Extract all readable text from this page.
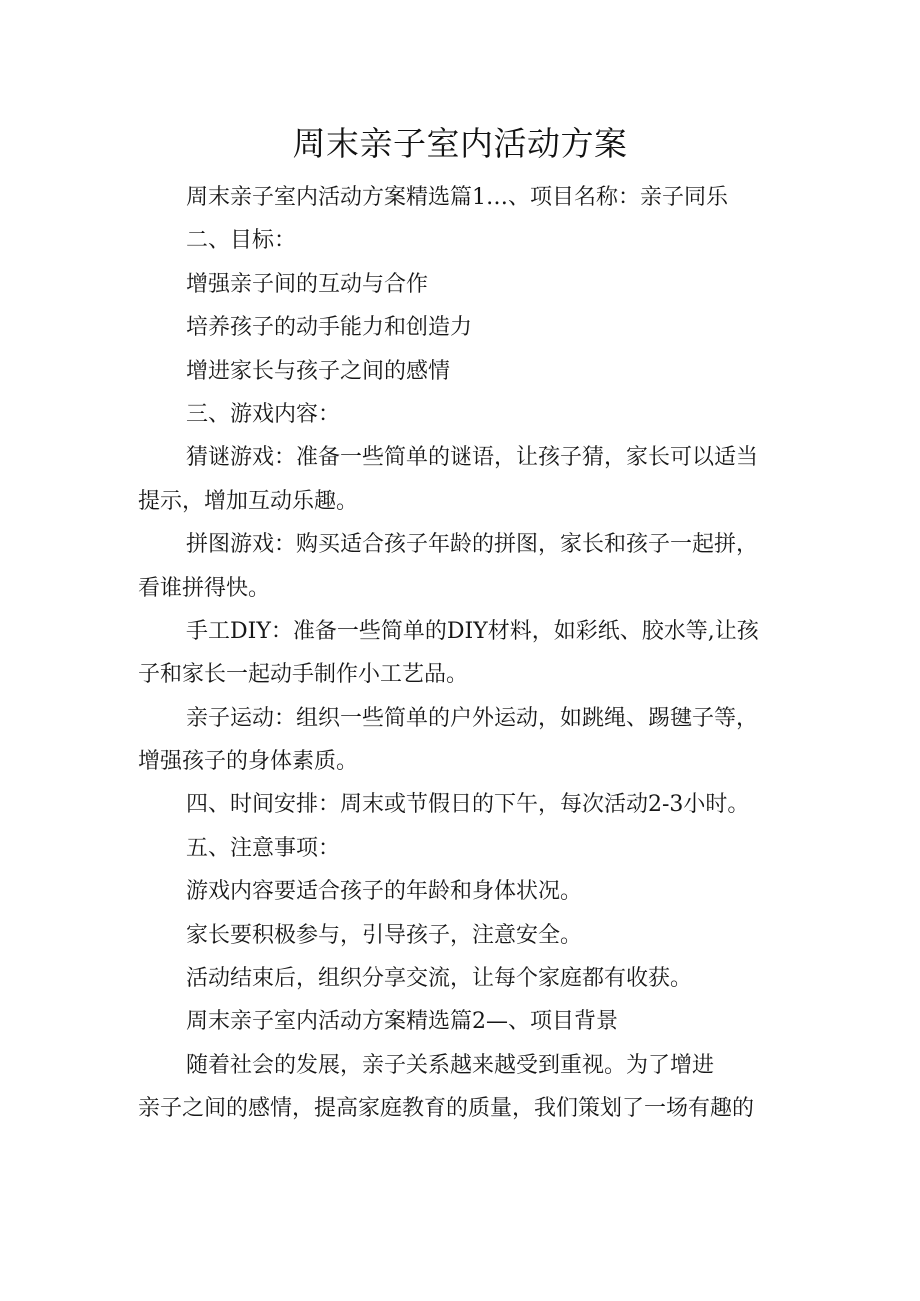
周末亲子室内活动方案
周末亲子室内活动方案精选篇1…、项目名称：亲子同乐
二、目标：
增强亲子间的互动与合作
培养孩子的动手能力和创造力
增进家长与孩子之间的感情
三、游戏内容：
猜谜游戏：准备一些简单的谜语，让孩子猜，家长可以适当
提示，增加互动乐趣。
拼图游戏：购买适合孩子年龄的拼图，家长和孩子一起拼，
看谁拼得快。
手工DIY：准备一些简单的DIY材料，如彩纸、胶水等,让孩
子和家长一起动手制作小工艺品。
亲子运动：组织一些简单的户外运动，如跳绳、踢毽子等，
增强孩子的身体素质。
四、时间安排：周末或节假日的下午，每次活动2-3小时。
五、注意事项：
游戏内容要适合孩子的年龄和身体状况。
家长要积极参与，引导孩子，注意安全。
活动结束后，组织分享交流，让每个家庭都有收获。
周末亲子室内活动方案精选篇2—、项目背景
随着社会的发展，亲子关系越来越受到重视。为了增进
亲子之间的感情，提高家庭教育的质量，我们策划了一场有趣的
